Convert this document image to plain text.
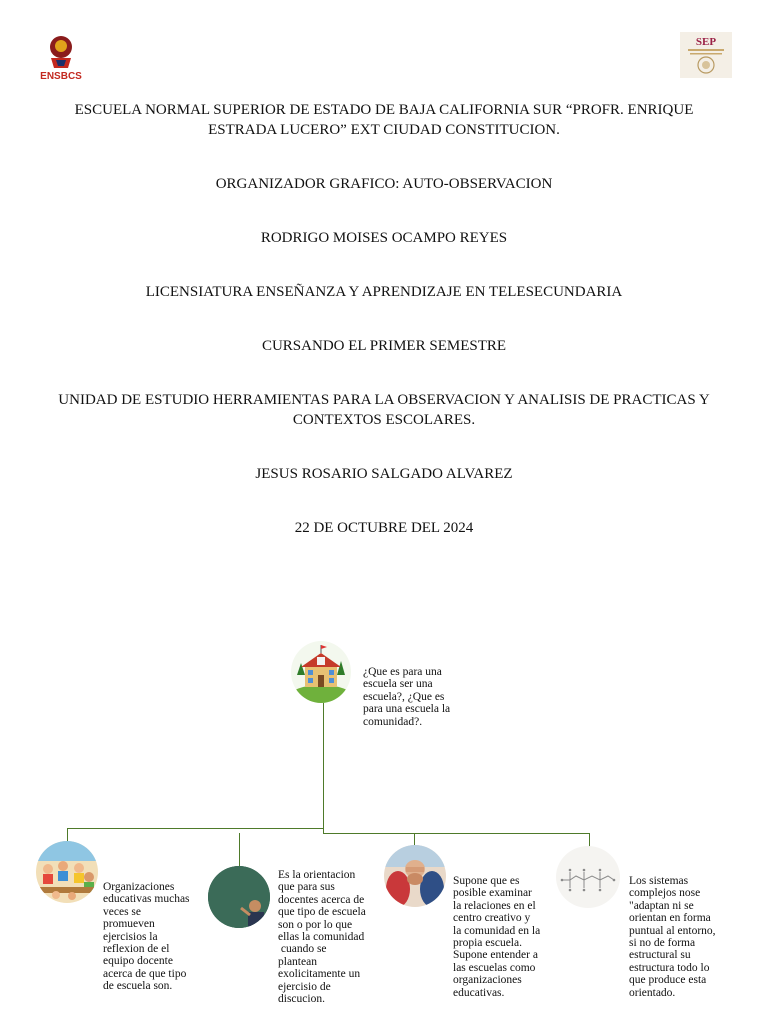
ENSBCS
SEP
ESCUELA NORMAL SUPERIOR DE ESTADO DE BAJA CALIFORNIA SUR “PROFR. ENRIQUE
ESTRADA LUCERO” EXT CIUDAD CONSTITUCION.
ORGANIZADOR GRAFICO: AUTO-OBSERVACION
RODRIGO MOISES OCAMPO REYES
LICENSIATURA ENSEÑANZA Y APRENDIZAJE EN TELESECUNDARIA
CURSANDO EL PRIMER SEMESTRE
UNIDAD DE ESTUDIO HERRAMIENTAS PARA LA OBSERVACION Y ANALISIS DE PRACTICAS Y
CONTEXTOS ESCOLARES.
JESUS ROSARIO SALGADO ALVAREZ
22 DE OCTUBRE DEL 2024
¿Que es para una
escuela ser una
escuela?, ¿Que es
para una escuela la
comunidad?.
Organizaciones
educativas muchas
veces se
promueven
ejercisios la
reflexion de el
equipo docente
acerca de que tipo
de escuela son.
Es la orientacion
que para sus
docentes acerca de
que tipo de escuela
son o por lo que
ellas la comunidad
cuando se
plantean
exolicitamente un
ejercisio de
discucion.
Supone que es
posible examinar
la relaciones en el
centro creativo y
la comunidad en la
propia escuela.
Supone entender a
las escuelas como
organizaciones
educativas.
Los sistemas
complejos nose
"adaptan ni se
orientan en forma
puntual al entorno,
si no de forma
estructural su
estructura todo lo
que produce esta
orientado.
